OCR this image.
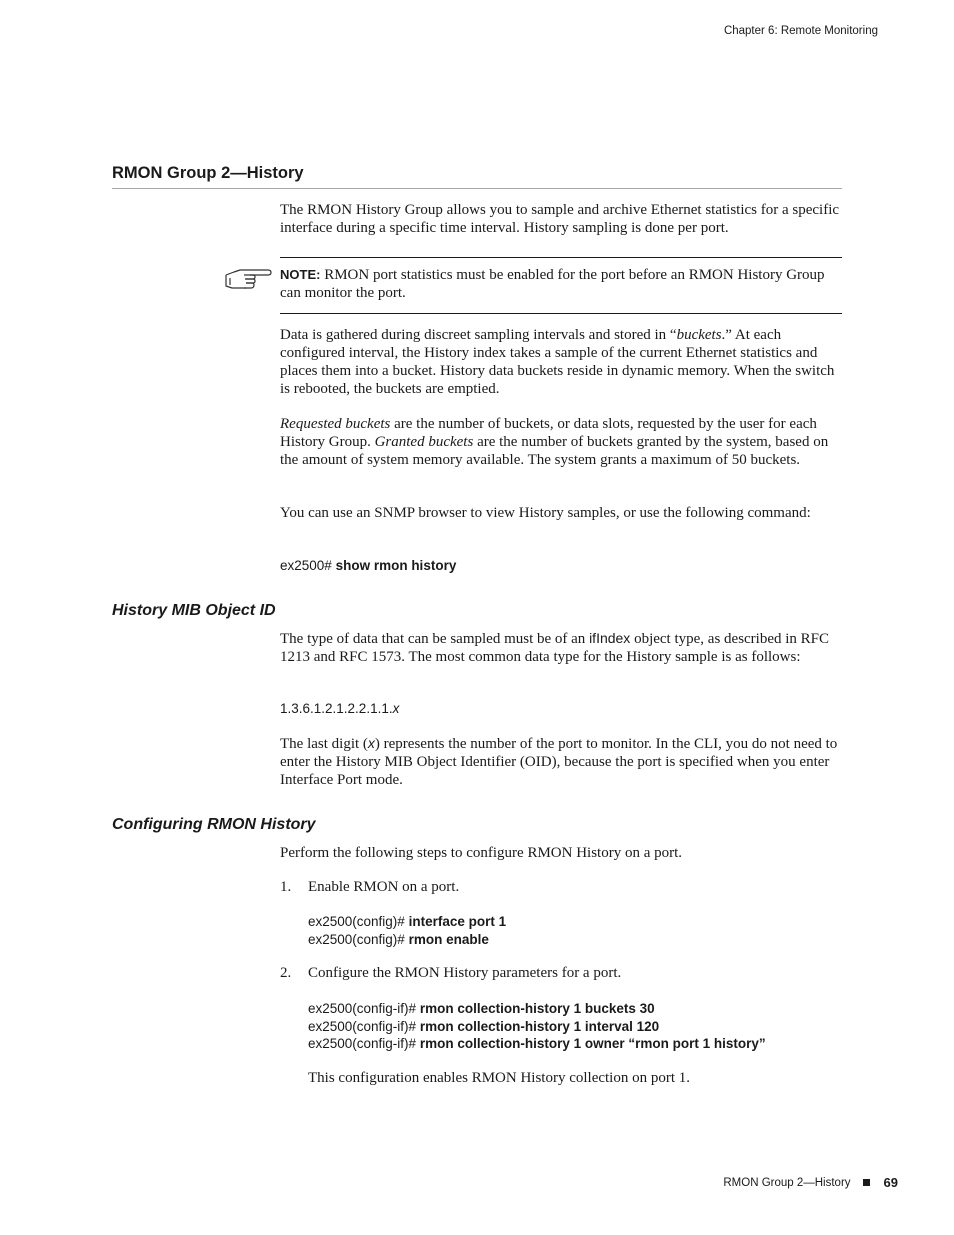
Chapter 6: Remote Monitoring
RMON Group 2—History
The RMON History Group allows you to sample and archive Ethernet statistics for a specific interface during a specific time interval. History sampling is done per port.
NOTE: RMON port statistics must be enabled for the port before an RMON History Group can monitor the port.
Data is gathered during discreet sampling intervals and stored in “buckets.” At each configured interval, the History index takes a sample of the current Ethernet statistics and places them into a bucket. History data buckets reside in dynamic memory. When the switch is rebooted, the buckets are emptied.
Requested buckets are the number of buckets, or data slots, requested by the user for each History Group. Granted buckets are the number of buckets granted by the system, based on the amount of system memory available. The system grants a maximum of 50 buckets.
You can use an SNMP browser to view History samples, or use the following command:
ex2500# show rmon history
History MIB Object ID
The type of data that can be sampled must be of an ifIndex object type, as described in RFC 1213 and RFC 1573. The most common data type for the History sample is as follows:
1.3.6.1.2.1.2.2.1.1.x
The last digit (x) represents the number of the port to monitor. In the CLI, you do not need to enter the History MIB Object Identifier (OID), because the port is specified when you enter Interface Port mode.
Configuring RMON History
Perform the following steps to configure RMON History on a port.
1. Enable RMON on a port.
ex2500(config)# interface port 1
ex2500(config)# rmon enable
2. Configure the RMON History parameters for a port.
ex2500(config-if)# rmon collection-history 1 buckets 30
ex2500(config-if)# rmon collection-history 1 interval 120
ex2500(config-if)# rmon collection-history 1 owner “rmon port 1 history”
This configuration enables RMON History collection on port 1.
RMON Group 2—History	69
